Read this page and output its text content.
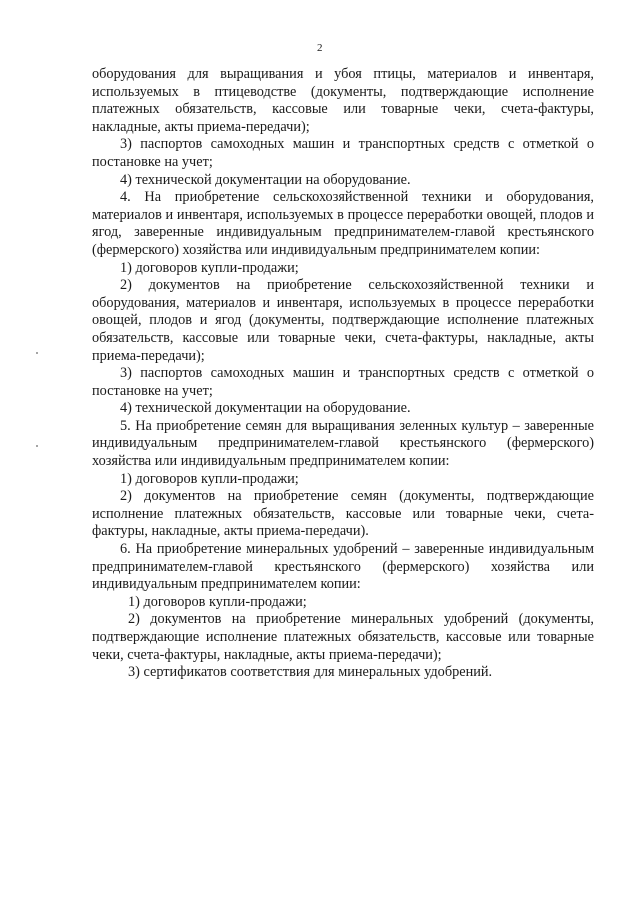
2

оборудования для выращивания и убоя птицы, материалов и инвентаря, используемых в птицеводстве (документы, подтверждающие исполнение платежных обязательств, кассовые или товарные чеки, счета-фактуры, накладные, акты приема-передачи);

3) паспортов самоходных машин и транспортных средств с отметкой о постановке на учет;

4) технической документации на оборудование.

4. На приобретение сельскохозяйственной техники и оборудования, материалов и инвентаря, используемых в процессе переработки овощей, плодов и ягод, заверенные индивидуальным предпринимателем-главой крестьянского (фермерского) хозяйства или индивидуальным предпринимателем копии:

1) договоров купли-продажи;

2) документов на приобретение сельскохозяйственной техники и оборудования, материалов и инвентаря, используемых в процессе переработки овощей, плодов и ягод (документы, подтверждающие исполнение платежных обязательств, кассовые или товарные чеки, счета-фактуры, накладные, акты приема-передачи);

3) паспортов самоходных машин и транспортных средств с отметкой о постановке на учет;

4) технической документации на оборудование.

5. На приобретение семян для выращивания зеленных культур – заверенные индивидуальным предпринимателем-главой крестьянского (фермерского) хозяйства или индивидуальным предпринимателем копии:

1) договоров купли-продажи;

2) документов на приобретение семян (документы, подтверждающие исполнение платежных обязательств, кассовые или товарные чеки, счета-фактуры, накладные, акты приема-передачи).

6. На приобретение минеральных удобрений – заверенные индивидуальным предпринимателем-главой крестьянского (фермерского) хозяйства или индивидуальным предпринимателем копии:

1) договоров купли-продажи;

2) документов на приобретение минеральных удобрений (документы, подтверждающие исполнение платежных обязательств, кассовые или товарные чеки, счета-фактуры, накладные, акты приема-передачи);

3) сертификатов соответствия для минеральных удобрений.
